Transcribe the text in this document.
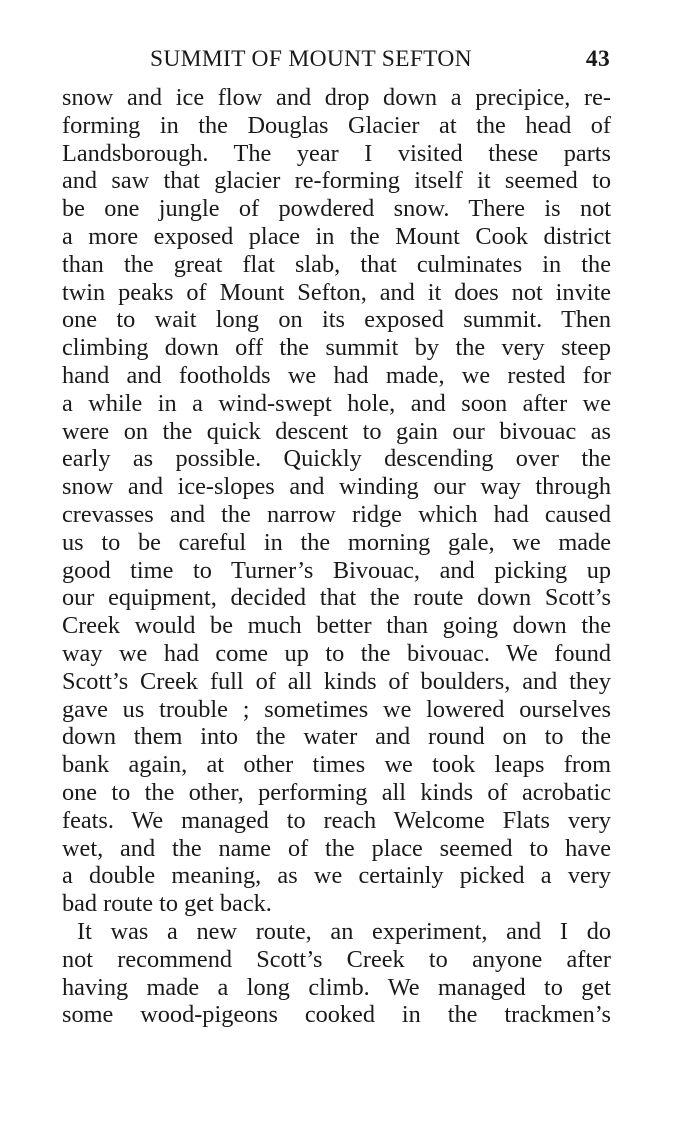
SUMMIT OF MOUNT SEFTON	43
snow and ice flow and drop down a precipice, re-
forming in the Douglas Glacier at the head of
Landsborough. The year I visited these parts
and saw that glacier re-forming itself it seemed to
be one jungle of powdered snow. There is not
a more exposed place in the Mount Cook district
than the great flat slab, that culminates in the
twin peaks of Mount Sefton, and it does not invite
one to wait long on its exposed summit. Then
climbing down off the summit by the very steep
hand and footholds we had made, we rested for
a while in a wind-swept hole, and soon after we
were on the quick descent to gain our bivouac as
early as possible. Quickly descending over the
snow and ice-slopes and winding our way through
crevasses and the narrow ridge which had caused
us to be careful in the morning gale, we made
good time to Turner’s Bivouac, and picking up
our equipment, decided that the route down Scott’s
Creek would be much better than going down the
way we had come up to the bivouac. We found
Scott’s Creek full of all kinds of boulders, and they
gave us trouble ; sometimes we lowered ourselves
down them into the water and round on to the
bank again, at other times we took leaps from
one to the other, performing all kinds of acrobatic
feats. We managed to reach Welcome Flats very
wet, and the name of the place seemed to have
a double meaning, as we certainly picked a very
bad route to get back.
It was a new route, an experiment, and I do
not recommend Scott’s Creek to anyone after
having made a long climb. We managed to get
some wood-pigeons cooked in the trackmen’s
